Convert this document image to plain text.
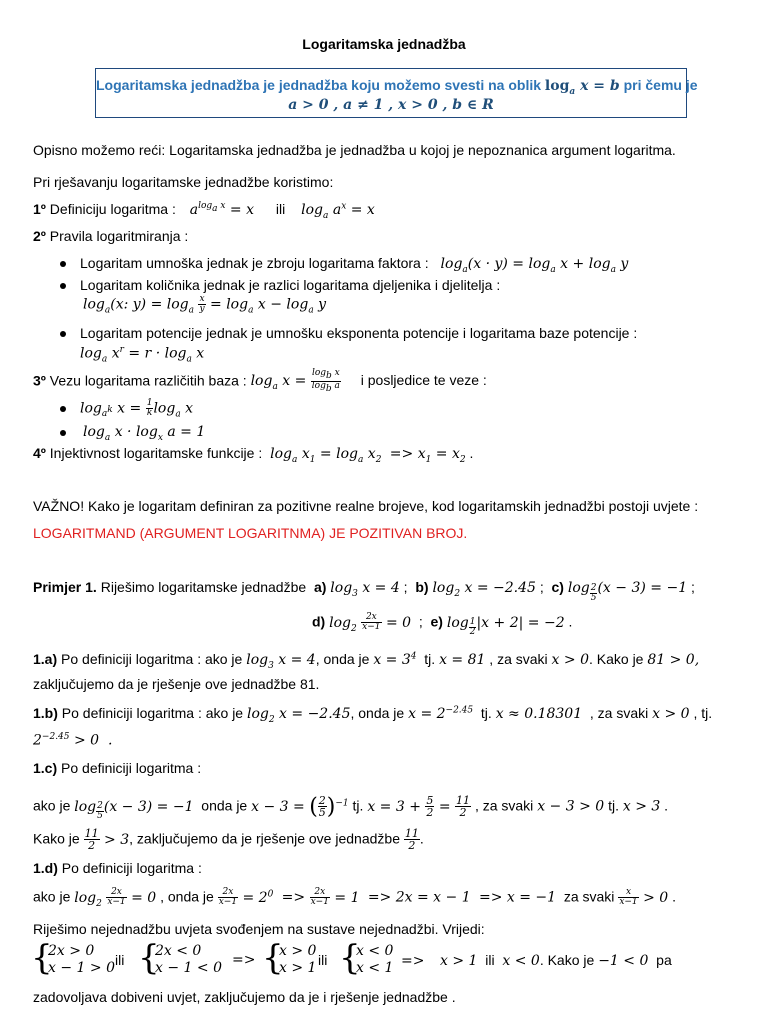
Logaritamska jednadžba
Logaritamska jednadžba je jednadžba koju možemo svesti na oblik $\log_a x = b$ pri čemu je
a > 0 , a ≠ 1 , x > 0 , b ∈ R
Opisno možemo reći: Logaritamska jednadžba je jednadžba u kojoj je nepoznanica argument logaritma.
Pri rješavanju logaritamske jednadžbe koristimo:
1º Definiciju logaritma : $a^{log_a x} = x$ ili $\log_a a^x = x$
2º Pravila logaritmiranja :
Logaritam umnoška jednak je zbroju logaritama faktora : $\log_a(x \cdot y) = \log_a x + \log_a y$
Logaritam količnika jednak je razlici logaritama djeljenika i djelitelja :
$\log_a(x$: $y) = \log_a \frac{x}{y} = \log_a x - \log_a y$
Logaritam potencije jednak je umnošku eksponenta potencije i logaritama baze potencije :
$\log_a x^r = r \cdot \log_a x$
3º Vezu logaritama različitih baza : $\log_a x = \frac{\log_b x}{\log_b a}$ i posljedice te veze :
$\log_{a^k} x = \frac{1}{k} \log_a x$
$\log_a x \cdot \log_x a = 1$
4º Injektivnost logaritamske funkcije : $\log_a x_1 = \log_a x_2 => x_1 = x_2$ .
VAŽNO! Kako je logaritam definiran za pozitivne realne brojeve, kod logaritamskih jednadžbi postoji uvjete :
LOGARITMAND (ARGUMENT LOGARITNMA) JE POZITIVAN BROJ.
Primjer 1. Riješimo logaritamske jednadžbe a) $\log_3 x = 4$ ;  b) $\log_2 x = -2.45$ ;  c) log $_{\frac{2}{5}}$ (x − 3) = −1 ;
d) $\log_2 \frac{2x}{x-1} = 0$  ;  e) log $_{\frac{1}{2}}$ |x + 2| = −2 .
1.a) Po definiciji logaritma : ako je $\log_3 x = 4$, onda je $x = 3^4$ tj. x = 81 , za svaki x > 0. Kako je 81 > 0,
zaključujemo da je rješenje ove jednadžbe 81.
1.b) Po definiciji logaritma : ako je $\log_2 x = -2.45$, onda je $x = 2^{-2.45}$ tj. x ≈ 0.18301 , za svaki x > 0 , tj.
$2^{-2.45} > 0$  .
1.c) Po definiciji logaritma :
ako je log $_{\frac{2}{5}}$ (x − 3) = −1 onda je x − 3 = ( $\frac{2}{5} )^{-1}$ tj. $x = 3 + \frac{5}{2} = \frac{11}{2}$ , za svaki x − 3 > 0 tj. x > 3 .
Kako je $\frac{11}{2} > 3$, zaključujemo da je rješenje ove jednadžbe $\frac{11}{2}$ .
1.d) Po definiciji logaritma :
ako je $\log_2 \frac{2x}{x-1} = 0$ , onda je $\frac{2x}{x-1} = 2^0 => \frac{2x}{x-1} = 1 => 2x = x - 1 => x = -1$ za svaki $\frac{x}{x-1} > 0$ .
Riješimo nejednadžbu uvjeta svođenjem na sustave nejednadžbi. Vrijedi:
{
2x > 0
x − 1 > 0 ili {
2x < 0
x − 1 < 0 => {
x > 0
x > 1 ili {
x < 0
x < 1 => x > 1 ili x < 0. Kako je −1 < 0 pa
zadovoljava dobiveni uvjet, zaključujemo da je i rješenje jednadžbe .
